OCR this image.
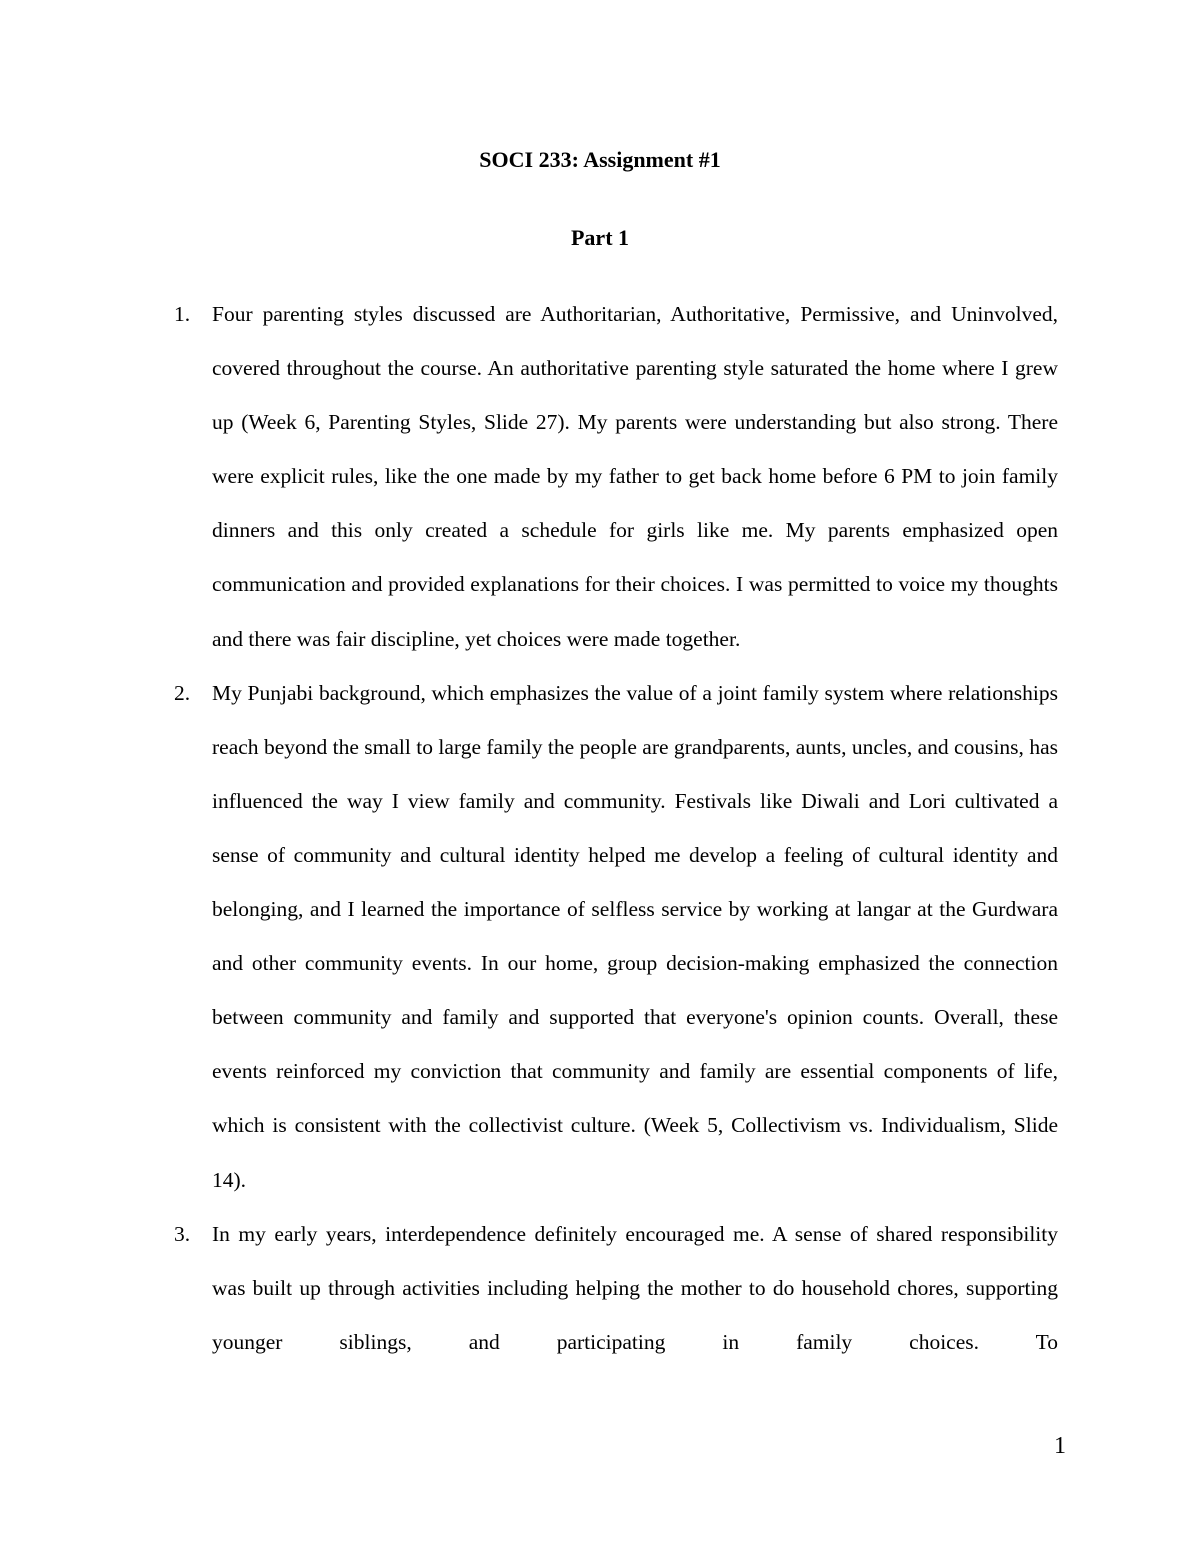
SOCI 233: Assignment #1
Part 1
1.	Four parenting styles discussed are Authoritarian, Authoritative, Permissive, and Uninvolved, covered throughout the course. An authoritative parenting style saturated the home where I grew up (Week 6, Parenting Styles, Slide 27). My parents were understanding but also strong. There were explicit rules, like the one made by my father to get back home before 6 PM to join family dinners and this only created a schedule for girls like me. My parents emphasized open communication and provided explanations for their choices. I was permitted to voice my thoughts and there was fair discipline, yet choices were made together.
2.	My Punjabi background, which emphasizes the value of a joint family system where relationships reach beyond the small to large family the people are grandparents, aunts, uncles, and cousins, has influenced the way I view family and community. Festivals like Diwali and Lori cultivated a sense of community and cultural identity helped me develop a feeling of cultural identity and belonging, and I learned the importance of selfless service by working at langar at the Gurdwara and other community events. In our home, group decision-making emphasized the connection between community and family and supported that everyone's opinion counts. Overall, these events reinforced my conviction that community and family are essential components of life, which is consistent with the collectivist culture. (Week 5, Collectivism vs. Individualism, Slide 14).
3.	In my early years, interdependence definitely encouraged me. A sense of shared responsibility was built up through activities including helping the mother to do household chores, supporting younger siblings, and participating in family choices. To
1
